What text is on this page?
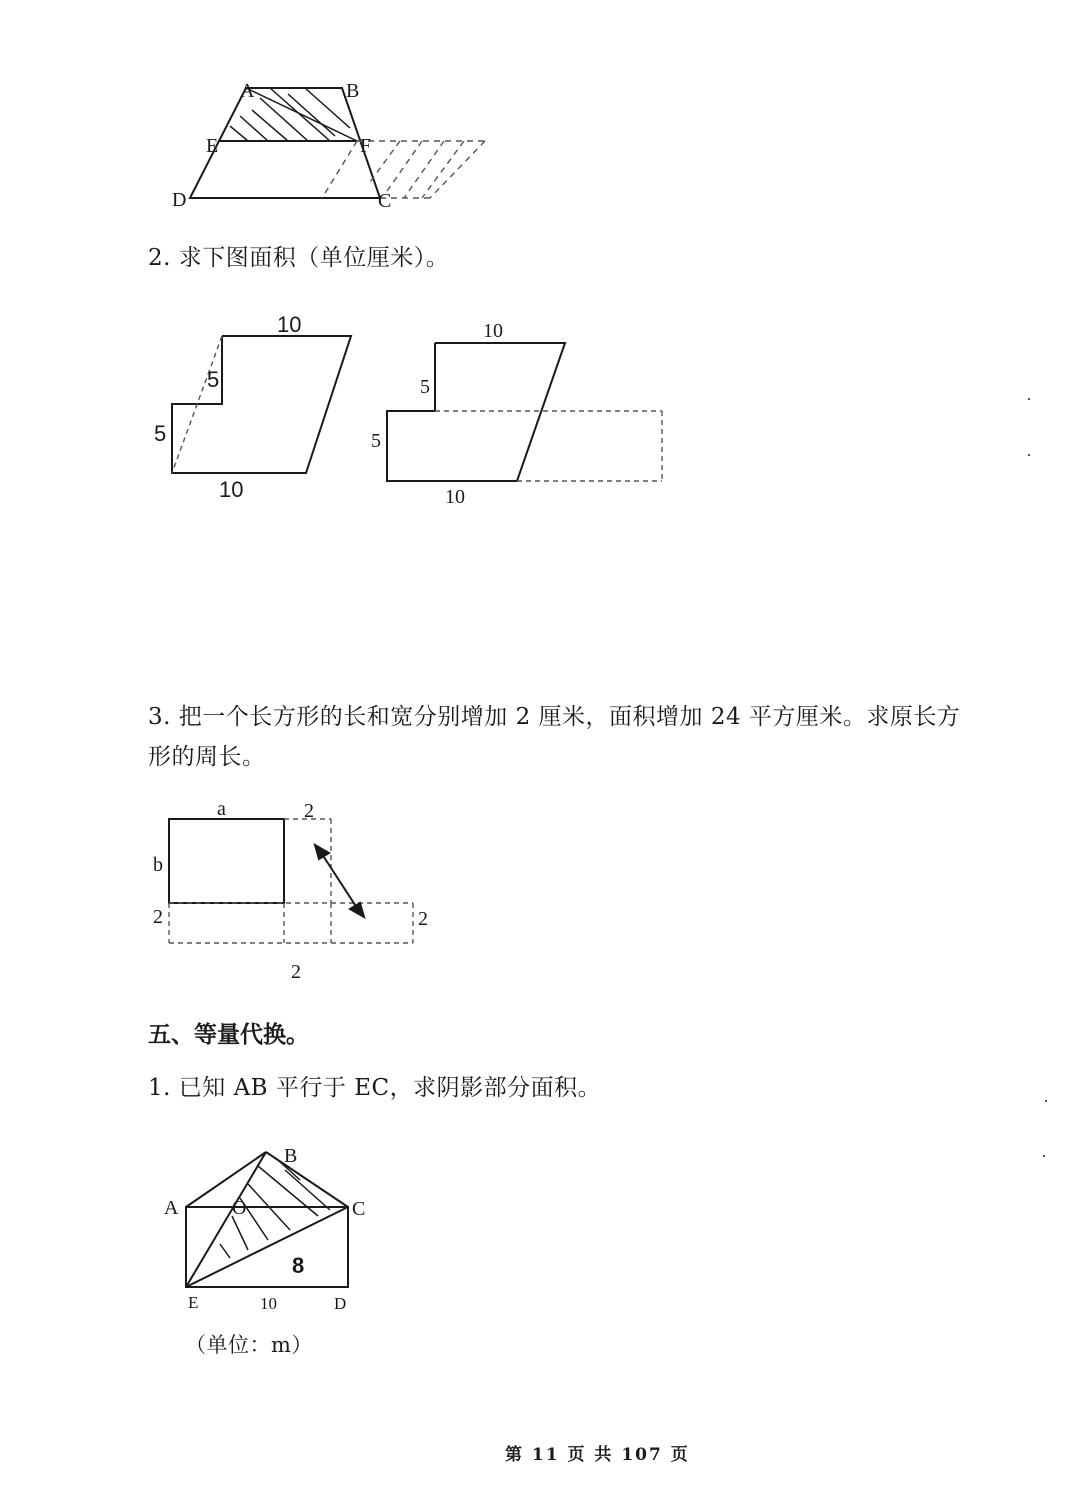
A	B
E	F
D	C
2. 求下图面积（单位厘米）。
10
10
5
5
10
10
5
5
3. 把一个长方形的长和宽分别增加 2 厘米，面积增加 24 平方厘米。求原长方
形的周长。
a
b
2
2	2
2
五、等量代换。
1. 已知 AB 平行于 EC，求阴影部分面积。
A
B
O	C
E	D
10
8
（单位：m）
第 11 页 共 107 页
